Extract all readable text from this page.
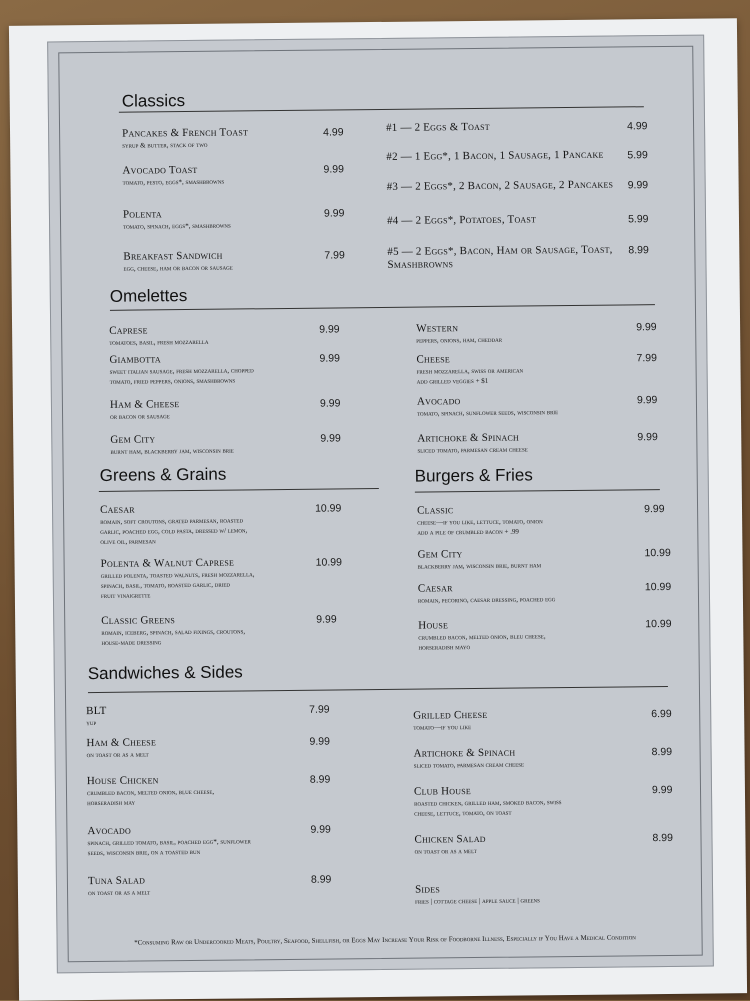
Classics
Omelettes
Greens & Grains	Burgers & Fries
Sandwiches & Sides
Pancakes & French Toast
syrup & butter, stack of two
4.99
Avocado Toast
tomato, pesto, eggs*, smashbrowns
9.99
Polenta
tomato, spinach, eggs*, smashbrowns
9.99
Breakfast Sandwich
egg, cheese, ham or bacon or sausage
7.99
#1 — 2 Eggs & Toast	4.99
#2 — 1 Egg*, 1 Bacon, 1 Sausage, 1 Pancake	5.99
#3 — 2 Eggs*, 2 Bacon, 2 Sausage, 2 Pancakes	9.99
#4 — 2 Eggs*, Potatoes, Toast	5.99
#5 — 2 Eggs*, Bacon, Ham or Sausage, Toast,
Smashbrowns
8.99
Caprese
tomatoes, basil, fresh mozzarella
9.99
Giambotta
sweet italian sausage, fresh mozzarella, chopped
tomato, fried peppers, onions, smashbrowns
9.99
Ham & Cheese
or bacon or sausage
9.99
Gem City
burnt ham, blackberry jam, wisconsin brie
9.99
Western
peppers, onions, ham, cheddar
9.99
Cheese
fresh mozzarella, swiss or american
add grilled veggies + $1
7.99
Avocado
tomato, spinach, sunflower seeds, wisconsin brie
9.99
Artichoke & Spinach
sliced tomato, parmesan cream cheese
9.99
Caesar
romain, soft croutons, grated parmesan, roasted
garlic, poached egg, cold pasta, dressed w/ lemon,
olive oil, parmesan
10.99
Polenta & Walnut Caprese
grilled polenta, toasted walnuts, fresh mozzarella,
spinach, basil, tomato, roasted garlic, dried
fruit vinaigrette
10.99
Classic Greens
romain, iceberg, spinach, salad fixings, croutons,
house-made dressing
9.99
Classic
cheese—if you like, lettuce, tomato, onion
add a pile of crumbled bacon + .99
9.99
Gem City
blackberry jam, wisconsin brie, burnt ham
10.99
Caesar
romain, pecorino, caesar dressing, poached egg
10.99
House
crumbled bacon, melted onion, bleu cheese,
horseradish mayo
10.99
BLT
yup
7.99
Ham & Cheese
on toast or as a melt
9.99
House Chicken
crumbled bacon, melted onion, blue cheese,
horseradish may
8.99
Avocado
spinach, grilled tomato, basil, poached egg*, sunflower
seeds, wisconsin brie, on a toasted bun
9.99
Tuna Salad
on toast or as a melt
8.99
Grilled Cheese
tomato—if you like
6.99
Artichoke & Spinach
sliced tomato, parmesan cream cheese
8.99
Club House
roasted chicken, grilled ham, smoked bacon, swiss
cheese, lettuce, tomato, on toast
9.99
Chicken Salad
on toast or as a melt
8.99
Sides
fries | cottage cheese | apple sauce | greens
*Consuming Raw or Undercooked Meats, Poultry, Seafood, Shellfish, or Eggs May Increase Your Risk of Foodborne Illness, Especially if You Have a Medical Condition
